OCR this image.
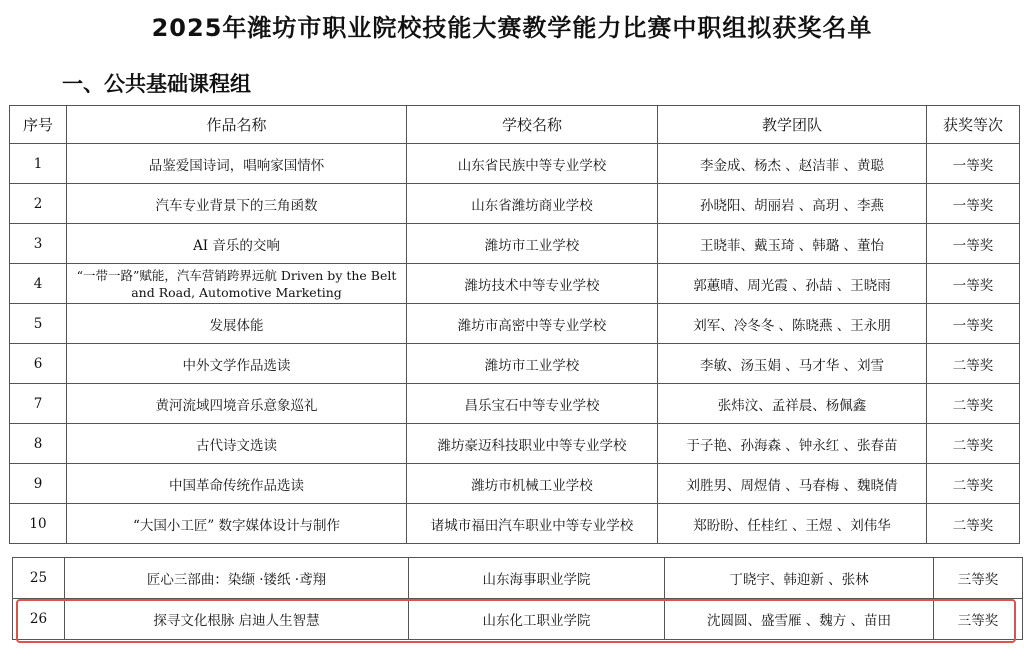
2025年潍坊市职业院校技能大赛教学能力比赛中职组拟获奖名单
一、公共基础课程组
序号	作品名称	学校名称	教学团队	获奖等次
1	品鉴爱国诗词，唱响家国情怀	山东省民族中等专业学校	李金成、杨杰 、赵洁菲 、黄聪	一等奖
2	汽车专业背景下的三角函数	山东省潍坊商业学校	孙晓阳、胡丽岩 、高玥 、李燕	一等奖
3	AI 音乐的交响	潍坊市工业学校	王晓菲、戴玉琦 、韩璐 、董怡	一等奖
4	“一带一路”赋能，汽车营销跨界远航 Driven by the Belt and Road, Automotive Marketing	潍坊技术中等专业学校	郭蕙晴、周光霞 、孙喆 、王晓雨	一等奖
5	发展体能	潍坊市高密中等专业学校	刘军、冷冬冬 、陈晓燕 、王永朋	一等奖
6	中外文学作品选读	潍坊市工业学校	李敏、汤玉娟 、马才华 、刘雪	二等奖
7	黄河流域四境音乐意象巡礼	昌乐宝石中等专业学校	张炜汶、孟祥晨、杨佩鑫	二等奖
8	古代诗文选读	潍坊豪迈科技职业中等专业学校	于子艳、孙海森 、钟永红 、张春苗	二等奖
9	中国革命传统作品选读	潍坊市机械工业学校	刘胜男、周煜倩 、马春梅 、魏晓倩	二等奖
10	“大国小工匠” 数字媒体设计与制作	诸城市福田汽车职业中等专业学校	郑盼盼、任桂红 、王煜 、刘伟华	二等奖
25	匠心三部曲：染缬 ·镂纸 ·鸢翔	山东海事职业学院	丁晓宇、韩迎新 、张林	三等奖
26	探寻文化根脉 启迪人生智慧	山东化工职业学院	沈圆圆、盛雪雁 、魏方 、苗田	三等奖
